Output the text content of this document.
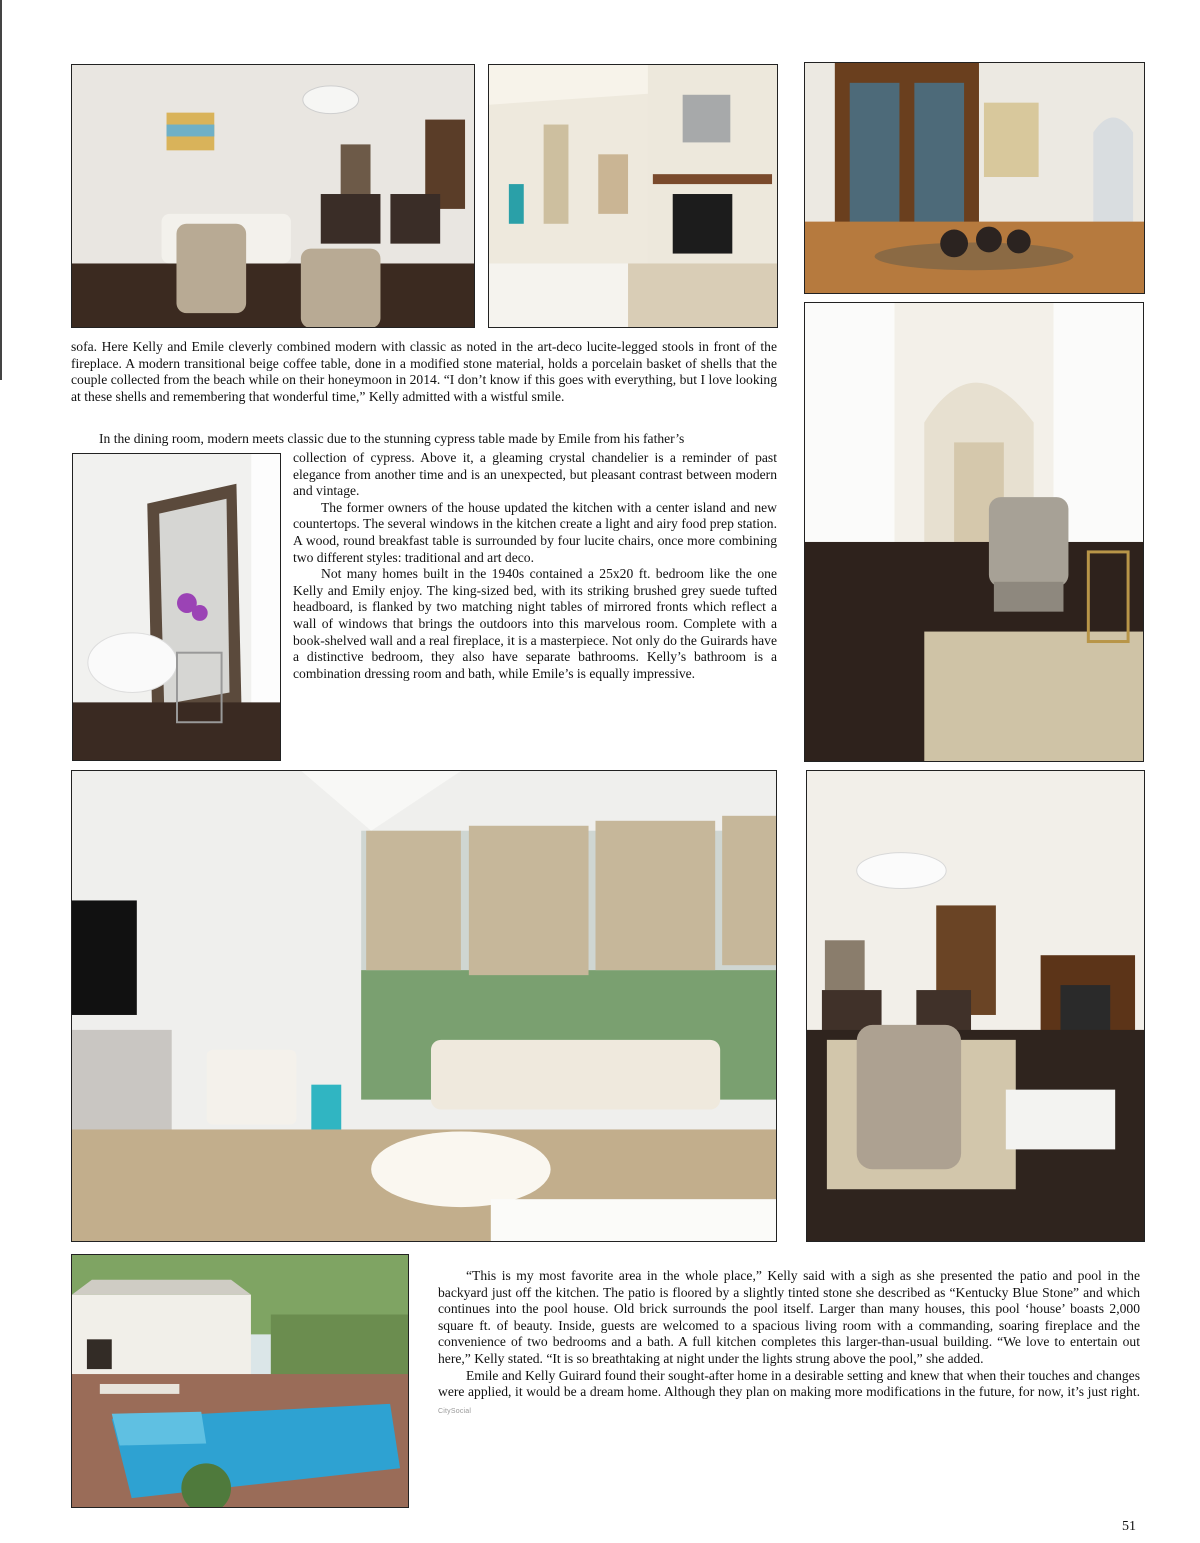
sofa. Here Kelly and Emile cleverly combined modern with classic as noted in the art-deco lucite-legged stools in front of the fireplace. A modern transitional beige coffee table, done in a modified stone material, holds a porcelain basket of shells that the couple collected from the beach while on their honeymoon in 2014. “I don’t know if this goes with everything, but I love looking at these shells and remembering that wonderful time,” Kelly admitted with a wistful smile.

In the dining room, modern meets classic due to the stunning cypress table made by Emile from his father’s

collection of cypress. Above it, a gleaming crystal chandelier is a reminder of past elegance from another time and is an unexpected, but pleasant contrast between modern and vintage.

The former owners of the house updated the kitchen with a center island and new countertops. The several windows in the kitchen create a light and airy food prep station. A wood, round breakfast table is surrounded by four lucite chairs, once more combining two different styles: traditional and art deco.

Not many homes built in the 1940s contained a 25x20 ft. bedroom like the one Kelly and Emily enjoy. The king-sized bed, with its striking brushed grey suede tufted headboard, is flanked by two matching night tables of mirrored fronts which reflect a wall of windows that brings the outdoors into this marvelous room. Complete with a book-shelved wall and a real fireplace, it is a masterpiece. Not only do the Guirards have a distinctive bedroom, they also have separate bathrooms. Kelly’s bathroom is a combination dressing room and bath, while Emile’s is equally impressive.

“This is my most favorite area in the whole place,” Kelly said with a sigh as she presented the patio and pool in the backyard just off the kitchen. The patio is floored by a slightly tinted stone she described as “Kentucky Blue Stone” and which continues into the pool house. Old brick surrounds the pool itself. Larger than many houses, this pool ‘house’ boasts 2,000 square ft. of beauty. Inside, guests are welcomed to a spacious living room with a commanding, soaring fireplace and the convenience of two bedrooms and a bath. A full kitchen completes this larger-than-usual building. “We love to entertain out here,” Kelly stated. “It is so breathtaking at night under the lights strung above the pool,” she added.

Emile and Kelly Guirard found their sought-after home in a desirable setting and knew that when their touches and changes were applied, it would be a dream home. Although they plan on making more modifications in the future, for now, it’s just right. CitySocial

51
